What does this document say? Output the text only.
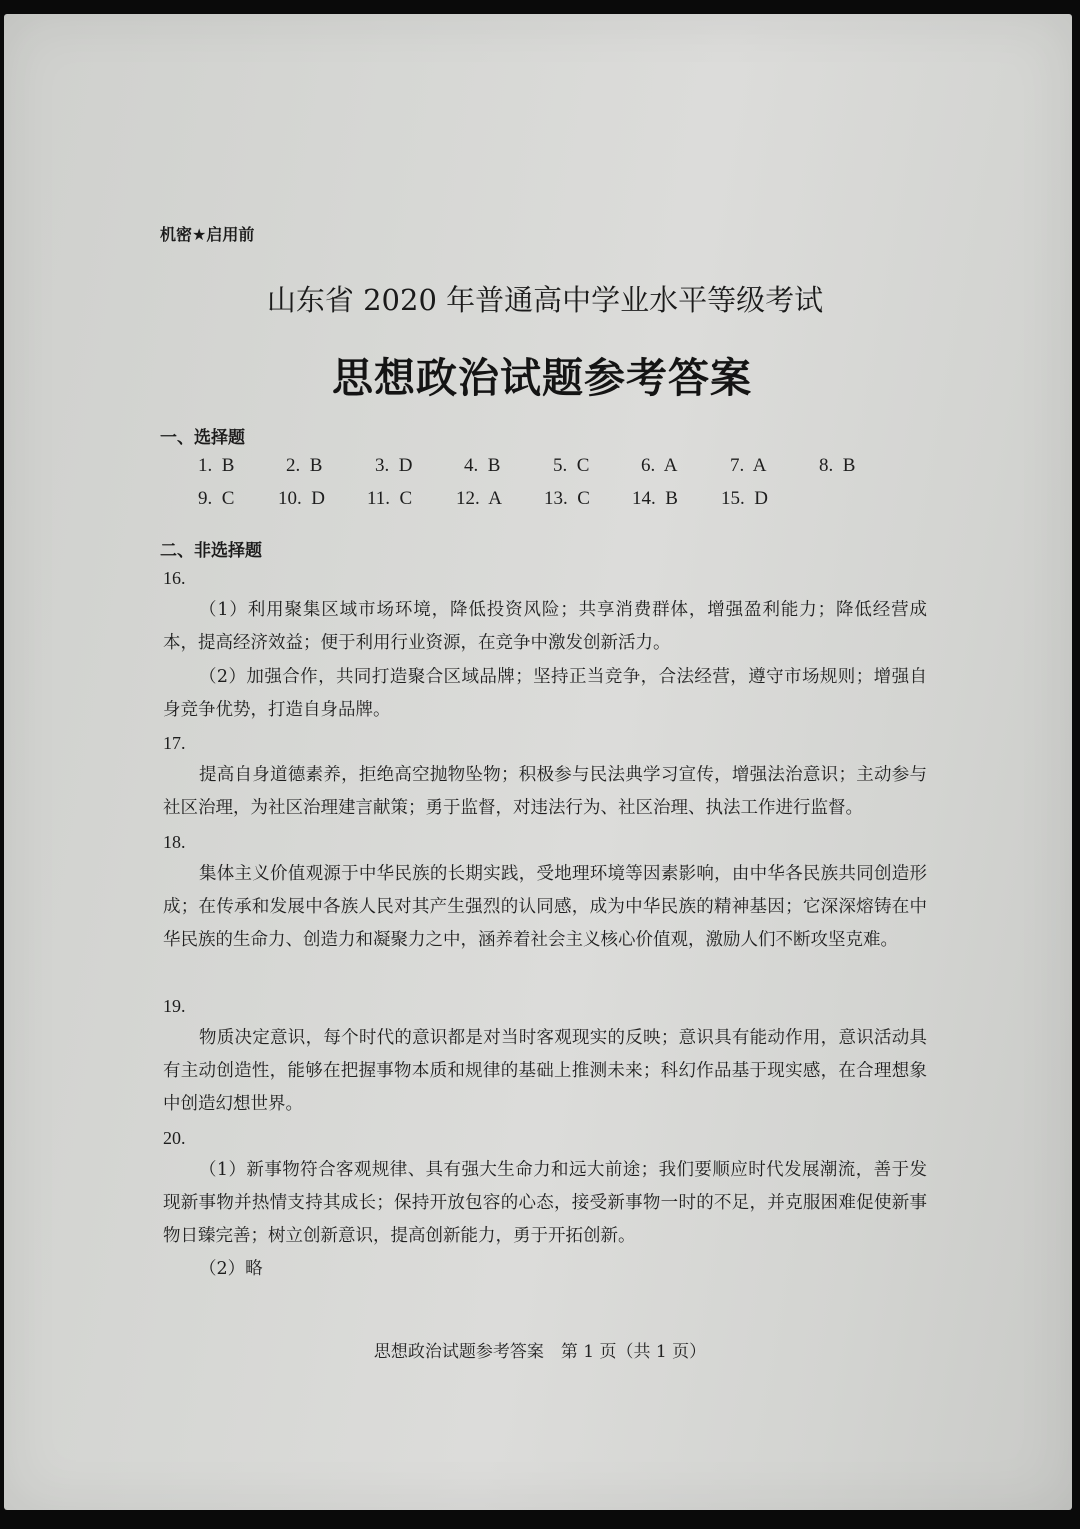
机密★启用前
山东省 2020 年普通高中学业水平等级考试
思想政治试题参考答案
一、选择题
1. B	2. B	3. D	4. B	5. C	6. A	7. A	8. B
9. C 10. D 11. C 12. A 13. C 14. B 15. D
二、非选择题
16.
（1）利用聚集区域市场环境，降低投资风险；共享消费群体，增强盈利能力；降低经营成本，提高经济效益；便于利用行业资源，在竞争中激发创新活力。
（2）加强合作，共同打造聚合区域品牌；坚持正当竞争，合法经营，遵守市场规则；增强自身竞争优势，打造自身品牌。
17.
提高自身道德素养，拒绝高空抛物坠物；积极参与民法典学习宣传，增强法治意识；主动参与社区治理，为社区治理建言献策；勇于监督，对违法行为、社区治理、执法工作进行监督。
18.
集体主义价值观源于中华民族的长期实践，受地理环境等因素影响，由中华各民族共同创造形成；在传承和发展中各族人民对其产生强烈的认同感，成为中华民族的精神基因；它深深熔铸在中华民族的生命力、创造力和凝聚力之中，涵养着社会主义核心价值观，激励人们不断攻坚克难。
19.
物质决定意识，每个时代的意识都是对当时客观现实的反映；意识具有能动作用，意识活动具有主动创造性，能够在把握事物本质和规律的基础上推测未来；科幻作品基于现实感，在合理想象中创造幻想世界。
20.
（1）新事物符合客观规律、具有强大生命力和远大前途；我们要顺应时代发展潮流，善于发现新事物并热情支持其成长；保持开放包容的心态，接受新事物一时的不足，并克服困难促使新事物日臻完善；树立创新意识，提高创新能力，勇于开拓创新。
（2）略
思想政治试题参考答案　第 1 页（共 1 页）
